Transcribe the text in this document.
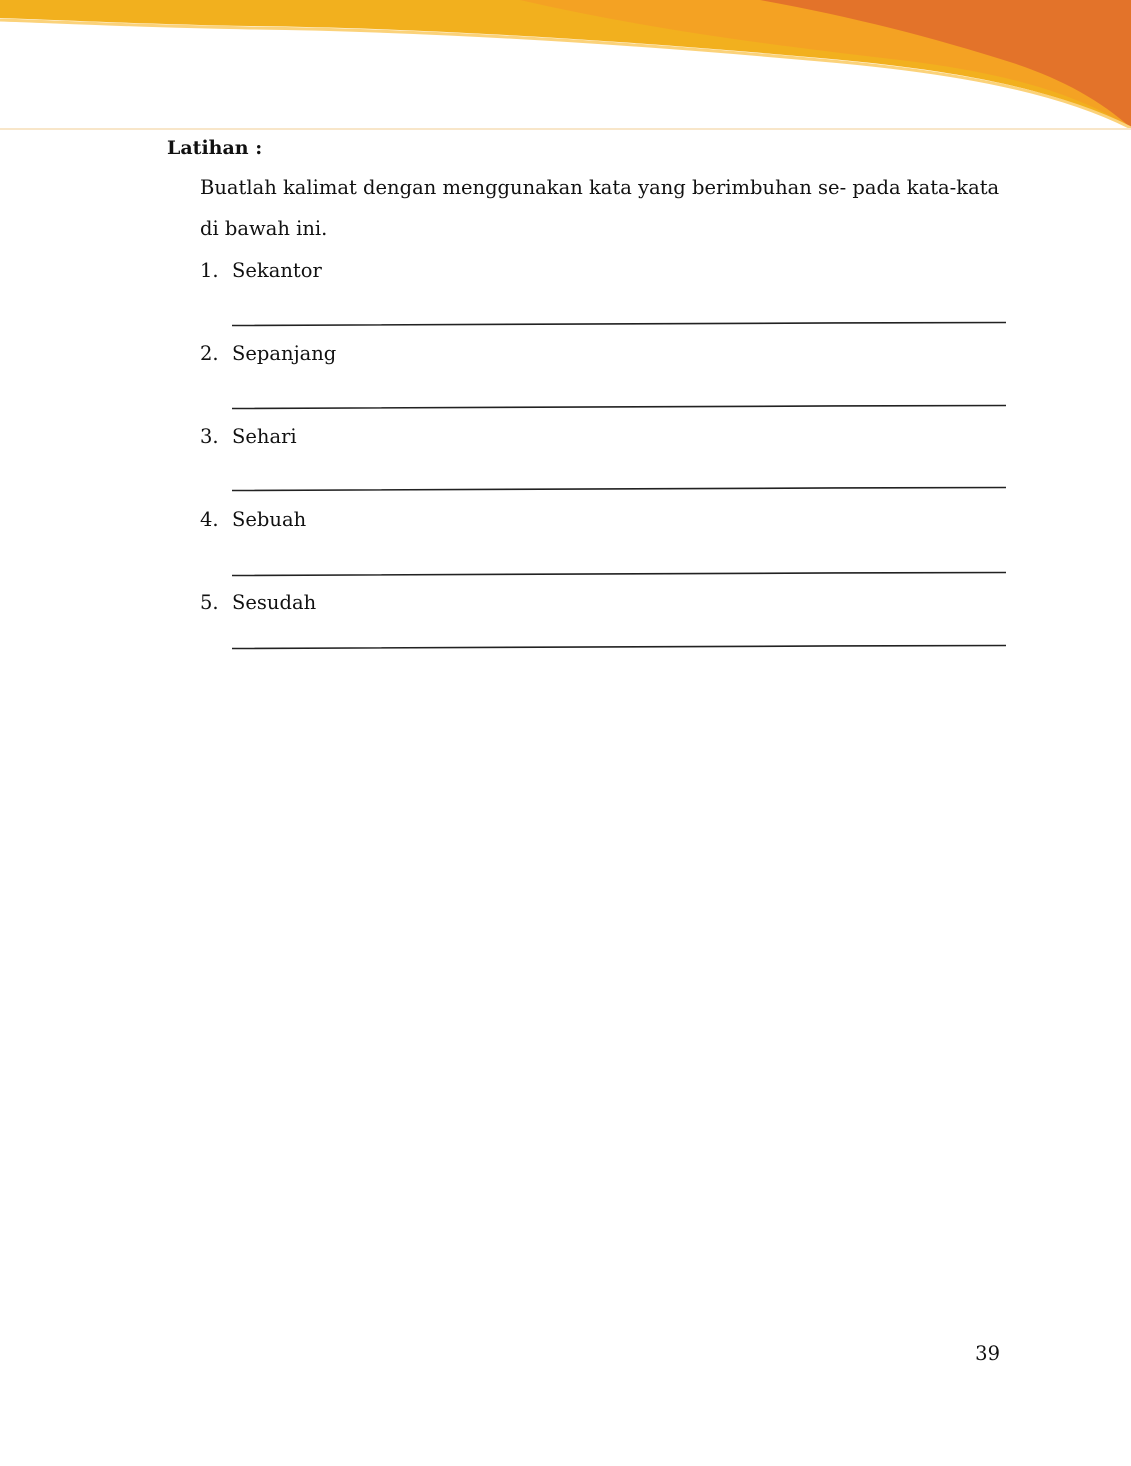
Latihan :
Buatlah kalimat dengan menggunakan kata yang berimbuhan se- pada kata-kata
di bawah ini.
1. Sekantor
2. Sepanjang
3. Sehari
4. Sebuah
5. Sesudah
39
